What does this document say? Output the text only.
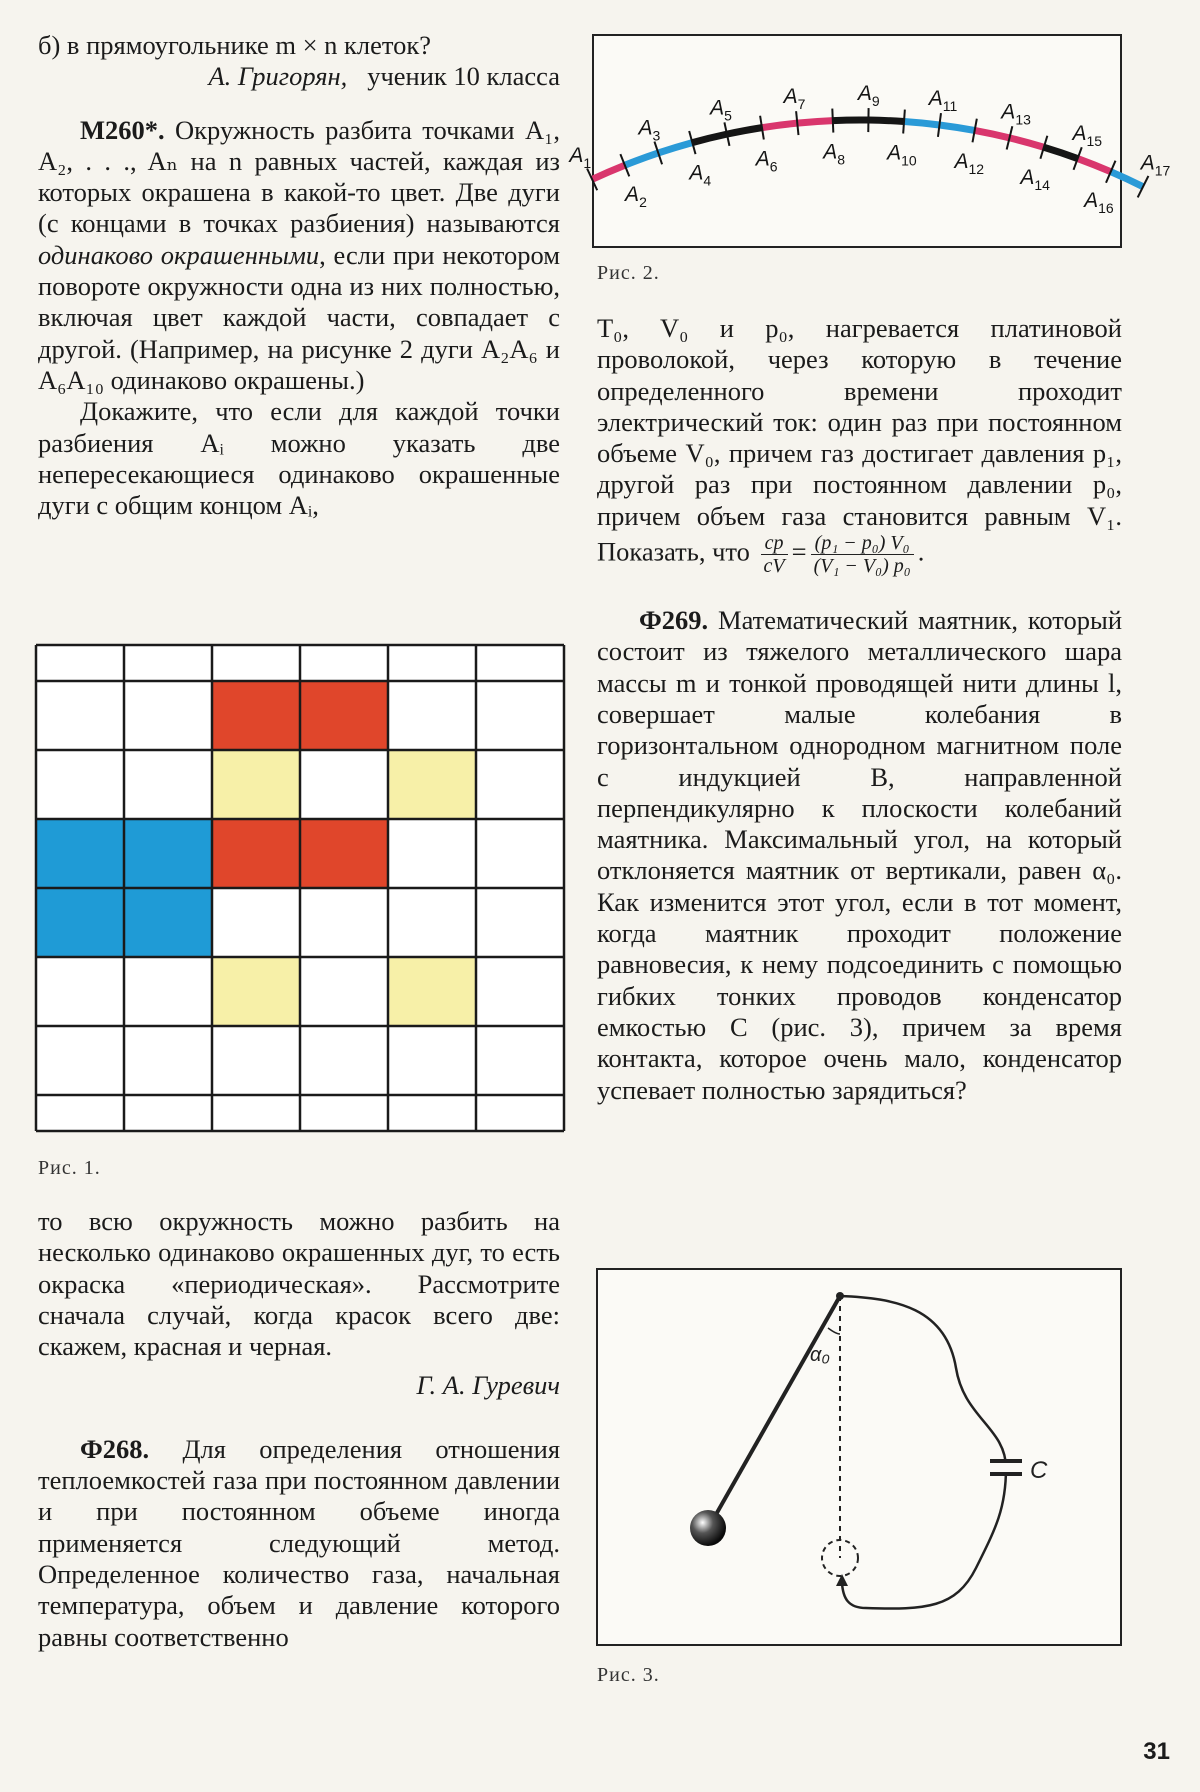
б) в прямоугольнике m × n клеток?

А. Григорян, ученик 10 класса

М260*. Окружность разбита точками A₁, A₂, . . ., Aₙ на n равных частей, каждая из которых окрашена в какой-то цвет. Две дуги (с концами в точках разбиения) называются одинаково окрашенными, если при некотором повороте окружности одна из них полностью, включая цвет каждой части, совпадает с другой. (Например, на рисунке 2 дуги A₂A₆ и A₆A₁₀ одинаково окрашены.)

Докажите, что если для каждой точки разбиения Aᵢ можно указать две непересекающиеся одинаково окрашенные дуги с общим концом Aᵢ,

Рис. 1.

то всю окружность можно разбить на несколько одинаково окрашенных дуг, то есть окраска «периодическая». Рассмотрите сначала случай, когда красок всего две: скажем, красная и черная.

Г. А. Гуревич

Ф268. Для определения отношения теплоемкостей газа при постоянном давлении и при постоянном объеме иногда применяется следующий метод. Определенное количество газа, начальная температура, объем и давление которого равны соответственно

$A_1$
$A_2$
$A_3$
$A_4$
$A_5$
$A_6$
$A_7$
$A_8$
$A_9$
$A_{10}$
$A_{11}$
$A_{12}$
$A_{13}$
$A_{14}$
$A_{15}$
$A_{16}$
$A_{17}$
Рис. 2.

T₀, V₀ и p₀, нагревается платиновой проволокой, через которую в течение определенного времени проходит электрический ток: один раз при постоянном объеме V₀, причем газ достигает давления p₁, другой раз при постоянном давлении p₀, причем объем газа становится равным V₁. Показать, что $\frac{cp}{cV} = \frac{\text{(p₁ − p₀) V₀}}{\text{(V₁ − V₀) p₀}}$ .

Ф269. Математический маятник, который состоит из тяжелого металлического шара массы m и тонкой проводящей нити длины l, совершает малые колебания в горизонтальном однородном магнитном поле с индукцией B, направленной перпендикулярно к плоскости колебаний маятника. Максимальный угол, на который отклоняется маятник от вертикали, равен α₀. Как изменится этот угол, если в тот момент, когда маятник проходит положение равновесия, к нему подсоединить с помощью гибких тонких проводов конденсатор емкостью C (рис. 3), причем за время контакта, которое очень мало, конденсатор успевает полностью зарядиться?

C
α₀
Рис. 3.
31
